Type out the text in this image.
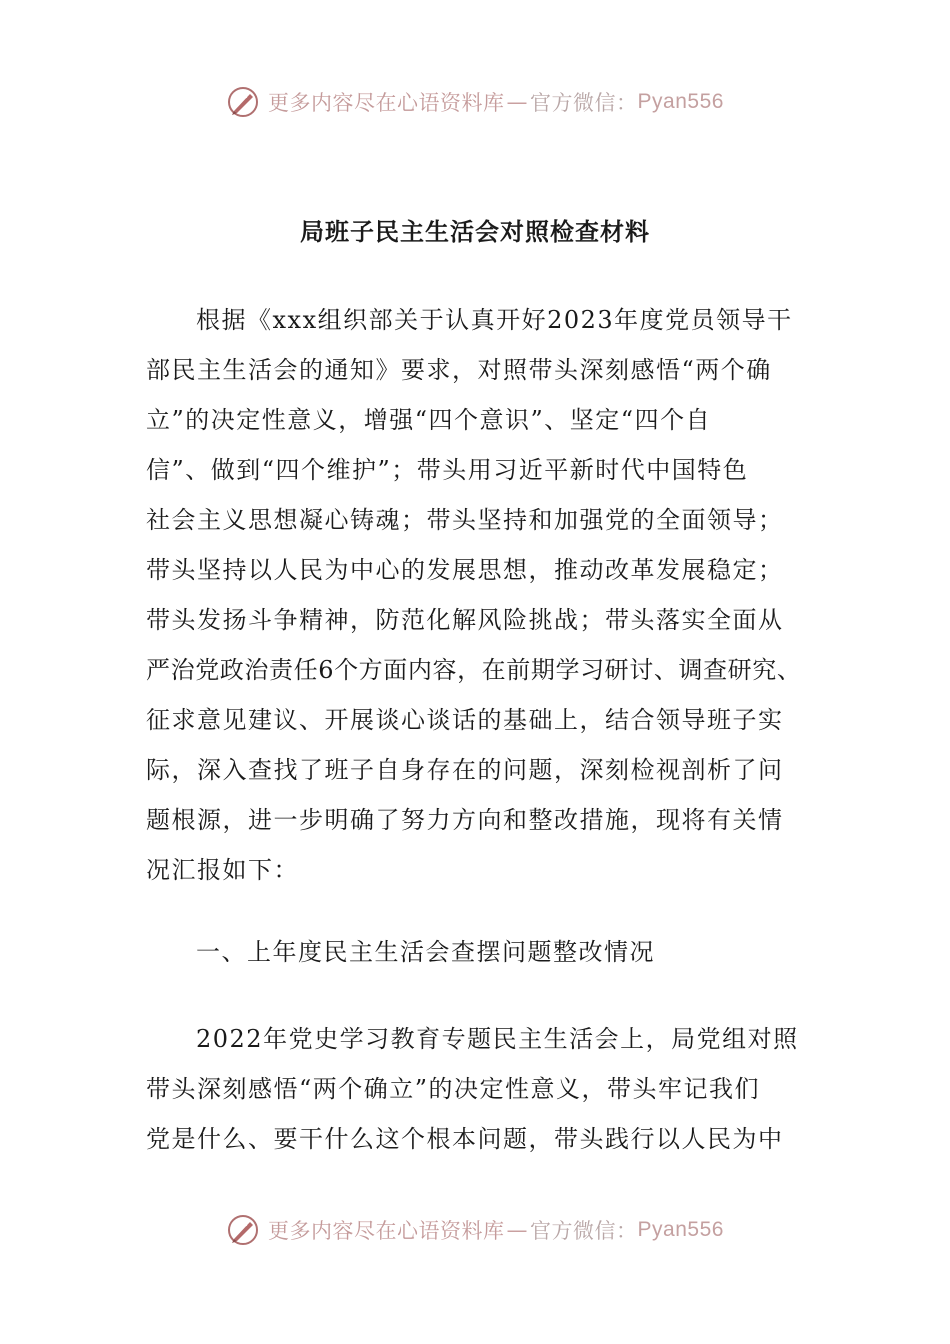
更多内容尽在心语资料库 — 官方微信： Pyan556
局班子民主生活会对照检查材料
根据《xxx组织部关于认真开好2023年度党员领导干
部民主生活会的通知》要求，对照带头深刻感悟“两个确
立”的决定性意义，增强“四个意识”、坚定“四个自
信”、做到“四个维护”；带头用习近平新时代中国特色
社会主义思想凝心铸魂；带头坚持和加强党的全面领导；
带头坚持以人民为中心的发展思想，推动改革发展稳定；
带头发扬斗争精神，防范化解风险挑战；带头落实全面从
严治党政治责任6个方面内容，在前期学习研讨、调查研究、
征求意见建议、开展谈心谈话的基础上，结合领导班子实
际，深入查找了班子自身存在的问题，深刻检视剖析了问
题根源，进一步明确了努力方向和整改措施，现将有关情
况汇报如下：
一、上年度民主生活会查摆问题整改情况
2022年党史学习教育专题民主生活会上，局党组对照
带头深刻感悟“两个确立”的决定性意义，带头牢记我们
党是什么、要干什么这个根本问题，带头践行以人民为中
更多内容尽在心语资料库 — 官方微信： Pyan556
